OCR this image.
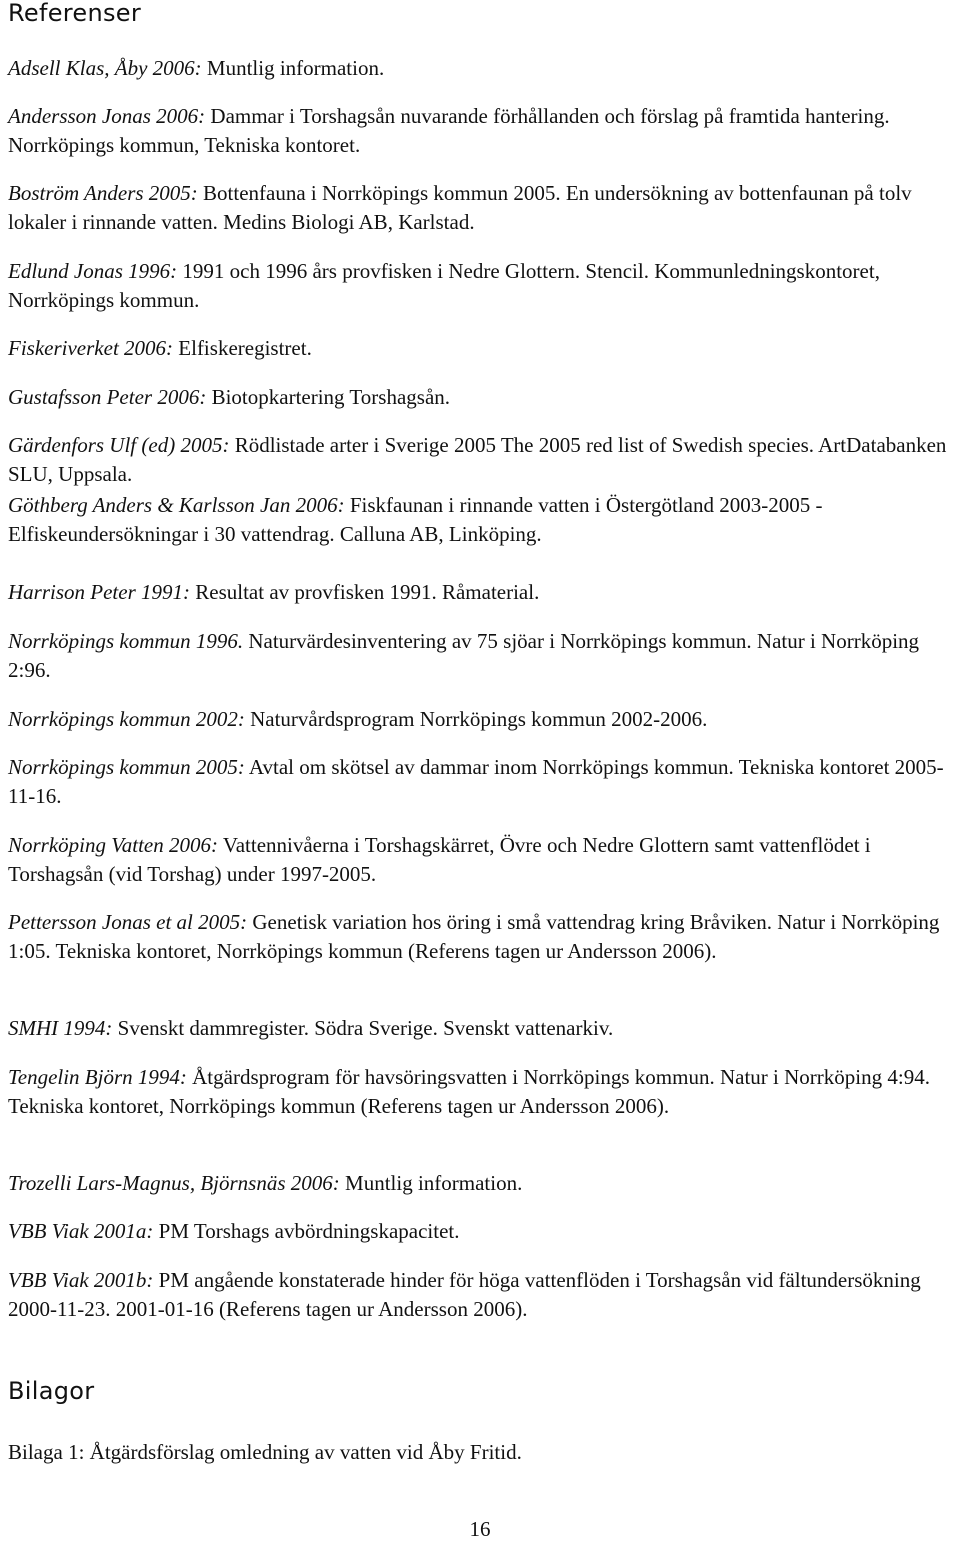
Referenser

Adsell Klas, Åby 2006: Muntlig information.

Andersson Jonas 2006: Dammar i Torshagsån nuvarande förhållanden och förslag på framtida hantering. Norrköpings kommun, Tekniska kontoret.

Boström Anders 2005: Bottenfauna i Norrköpings kommun 2005. En undersökning av bottenfaunan på tolv lokaler i rinnande vatten. Medins Biologi AB, Karlstad.

Edlund Jonas 1996: 1991 och 1996 års provfisken i Nedre Glottern. Stencil. Kommunledningskontoret, Norrköpings kommun.

Fiskeriverket 2006: Elfiskeregistret.

Gustafsson Peter 2006: Biotopkartering Torshagsån.

Gärdenfors Ulf (ed) 2005: Rödlistade arter i Sverige 2005 The 2005 red list of Swedish species. ArtDatabanken SLU, Uppsala.

Göthberg Anders & Karlsson Jan 2006: Fiskfaunan i rinnande vatten i Östergötland 2003-2005 - Elfiskeundersökningar i 30 vattendrag. Calluna AB, Linköping.

Harrison Peter 1991: Resultat av provfisken 1991. Råmaterial.

Norrköpings kommun 1996. Naturvärdesinventering av 75 sjöar i Norrköpings kommun. Natur i Norrköping 2:96.

Norrköpings kommun 2002: Naturvårdsprogram Norrköpings kommun 2002-2006.

Norrköpings kommun 2005: Avtal om skötsel av dammar inom Norrköpings kommun. Tekniska kontoret 2005-11-16.

Norrköping Vatten 2006: Vattennivåerna i Torshagskärret, Övre och Nedre Glottern samt vattenflödet i Torshagsån (vid Torshag) under 1997-2005.

Pettersson Jonas et al 2005: Genetisk variation hos öring i små vattendrag kring Bråviken. Natur i Norrköping 1:05. Tekniska kontoret, Norrköpings kommun (Referens tagen ur Andersson 2006).

SMHI 1994: Svenskt dammregister. Södra Sverige. Svenskt vattenarkiv.

Tengelin Björn 1994: Åtgärdsprogram för havsöringsvatten i Norrköpings kommun. Natur i Norrköping 4:94. Tekniska kontoret, Norrköpings kommun (Referens tagen ur Andersson 2006).

Trozelli Lars-Magnus, Björnsnäs 2006: Muntlig information.

VBB Viak 2001a: PM Torshags avbördningskapacitet.

VBB Viak 2001b: PM angående konstaterade hinder för höga vattenflöden i Torshagsån vid fältundersökning 2000-11-23. 2001-01-16 (Referens tagen ur Andersson 2006).

Bilagor

Bilaga 1: Åtgärdsförslag omledning av vatten vid Åby Fritid.

16
